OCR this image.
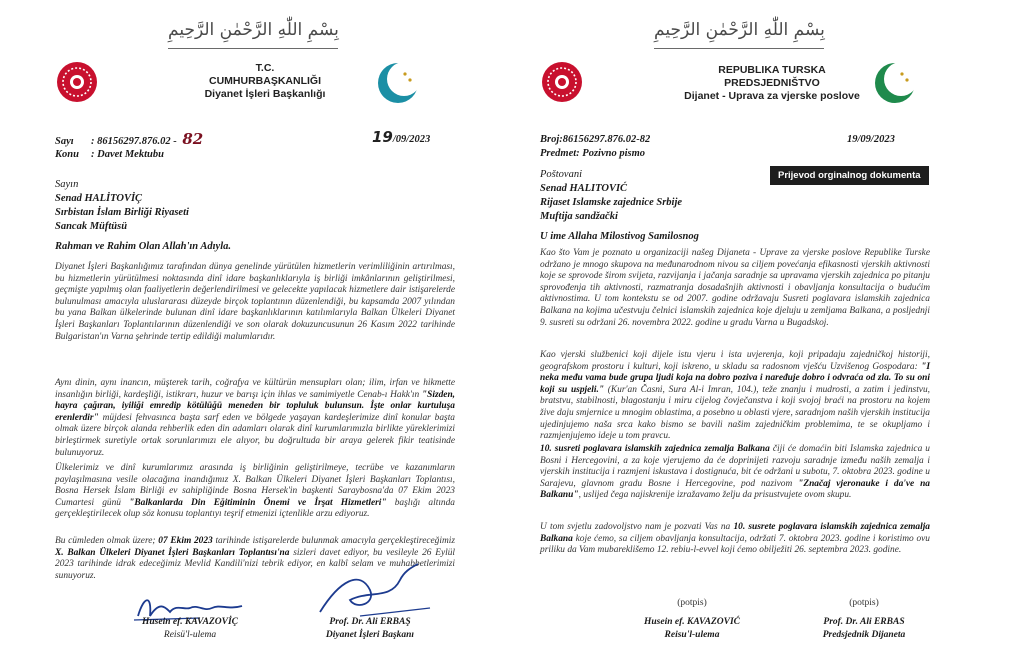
بِسْمِ اللّٰهِ الرَّحْمٰنِ الرَّحِيمِ
T.C.
CUMHURBAŞKANLIĞI
Diyanet İşleri Başkanlığı
Sayı : 86156297.876.02 - 82	19/09/2023
Konu : Davet Mektubu
Sayın
Senad HALİTOVİÇ
Sırbistan İslam Birliği Riyaseti
Sancak Müftüsü
Rahman ve Rahim Olan Allah'ın Adıyla.
Diyanet İşleri Başkanlığımız tarafından dünya genelinde yürütülen hizmetlerin verimliliğinin artırılması, bu hizmetlerin yürütülmesi noktasında dinî idare başkanlıklarıyla iş birliği imkânlarının geliştirilmesi, geçmişte yapılmış olan faaliyetlerin değerlendirilmesi ve gelecekte yapılacak hizmetlere dair istişarelerde bulunulması amacıyla uluslararası düzeyde birçok toplantının düzenlendiği, bu kapsamda 2007 yılından bu yana Balkan ülkelerinde bulunan dinî idare başkanlıklarının katılımlarıyla Balkan Ülkeleri Diyanet İşleri Başkanları Toplantılarının düzenlendiği ve son olarak dokuzuncusunun 26 Kasım 2022 tarihinde Bulgaristan'ın Varna şehrinde tertip edildiği malumlarıdır.
Aynı dinin, aynı inancın, müşterek tarih, coğrafya ve kültürün mensupları olan; ilim, irfan ve hikmette insanlığın birliği, kardeşliği, istikrarı, huzur ve barışı için ihlas ve samimiyetle Cenab-ı Hakk'ın "Sizden, hayra çağıran, iyiliği emredip kötülüğü meneden bir topluluk bulunsun. İşte onlar kurtuluşa erenlerdir" müjdesi fehvasınca başta sarf eden ve bölgede yaşayan kardeşlerimize dinî konular başta olmak üzere birçok alanda rehberlik eden din adamları olarak dinî kurumlarımızla birlikte yüreklerimizi birleştirmek suretiyle ortak sorunlarımızı ele alıyor, bu doğrultuda bir araya gelerek fikir teatisinde bulunuyoruz.
Ülkelerimiz ve dinî kurumlarımız arasında iş birliğinin geliştirilmeye, tecrübe ve kazanımların paylaşılmasına vesile olacağına inandığımız X. Balkan Ülkeleri Diyanet İşleri Başkanları Toplantısı, Bosna Hersek İslam Birliği ev sahipliğinde Bosna Hersek'in başkenti Saraybosna'da 07 Ekim 2023 Cumartesi günü "Balkanlarda Din Eğitiminin Önemi ve İrşat Hizmetleri" başlığı altında gerçekleştirilecek olup söz konusu toplantıyı teşrif etmenizi içtenlikle arzu ediyoruz.
Bu cümleden olmak üzere; 07 Ekim 2023 tarihinde istişarelerde bulunmak amacıyla gerçekleştireceğimiz X. Balkan Ülkeleri Diyanet İşleri Başkanları Toplantısı'na sizleri davet ediyor, bu vesileyle 26 Eylül 2023 tarihinde idrak edeceğimiz Mevlid Kandili'nizi tebrik ediyor, en kalbî selam ve muhabbetlerimizi sunuyoruz.
Husein ef. KAVAZOVİÇ
Reisü'l-ulema
Prof. Dr. Ali ERBAŞ
Diyanet İşleri Başkanı
بِسْمِ اللّٰهِ الرَّحْمٰنِ الرَّحِيمِ
REPUBLIKA TURSKA
PREDSJEDNIŠTVO
Dijanet - Uprava za vjerske poslove
Broj:86156297.876.02-82
Predmet: Pozivno pismo
19/09/2023
Prijevod orginalnog dokumenta
Poštovani
Senad HALITOVIĆ
Rijaset Islamske zajednice Srbije
Muftija sandžački
U ime Allaha Milostivog Samilosnog
Kao što Vam je poznato u organizaciji našeg Dijaneta - Uprave za vjerske poslove Republike Turske održano je mnogo skupova na međunarodnom nivou sa ciljem povećanja efikasnosti vjerskih aktivnosti koje se sprovode širom svijeta, razvijanja i jačanja saradnje sa upravama vjerskih zajednica po pitanju sprovođenja tih aktivnosti, razmatranja dosadašnjih aktivnosti i obavljanja konsultacija o budućim aktivnostima. U tom kontekstu se od 2007. godine održavaju Susreti poglavara islamskih zajednica Balkana na kojima učestvuju čelnici islamskih zajednica koje djeluju u zemljama Balkana, a posljednji 9. susreti su održani 26. novembra 2022. godine u gradu Varna u Bugadskoj.
Kao vjerski službenici koji dijele istu vjeru i ista uvjerenja, koji pripadaju zajedničkoj historiji, geografskom prostoru i kulturi, koji iskreno, u skladu sa radosnom vješću Uzvišenog Gospodara: "I neka među vama bude grupa ljudi koja na dobro poziva i naređuje dobro i odvraća od zla. To su oni koji su uspjeli." (Kur'an Časni, Sura Al-i Imran, 104.), teže znanju i mudrosti, a zatim i jedinstvu, bratstvu, stabilnosti, blagostanju i miru cijelog čovječanstva i koji svojoj braći na prostoru na kojem žive daju smjernice u mnogim oblastima, a posebno u oblasti vjere, saradnjom naših vjerskih institucija ujedinjujemo naša srca kako bismo se bavili našim zajedničkim problemima, te se okupljamo i razmjenjujemo ideje u tom pravcu.
10. susreti poglavara islamskih zajednica zemalja Balkana čiji će domaćin biti Islamska zajednica u Bosni i Hercegovini, a za koje vjerujemo da će doprinijeti razvoju saradnje između naših zemalja i vjerskih institucija i razmjeni iskustava i dostignuća, bit će održani u subotu, 7. oktobra 2023. godine u Sarajevu, glavnom gradu Bosne i Hercegovine, pod nazivom "Značaj vjeronauke i da've na Balkanu", uslijed čega najiskrenije izražavamo želju da prisustvujete ovom skupu.
U tom svjetlu zadovoljstvo nam je pozvati Vas na 10. susrete poglavara islamskih zajednica zemalja Balkana koje ćemo, sa ciljem obavljanja konsultacija, održati 7. oktobra 2023. godine i koristimo ovu priliku da Vam mubareklišemo 12. rebiu-l-evvel koji ćemo obilježiti 26. septembra 2023. godine.
(potpis)	(potpis)
Husein ef. KAVAZOVIĆ
Reisu'l-ulema
Prof. Dr. Ali ERBAS
Predsjednik Dijaneta
